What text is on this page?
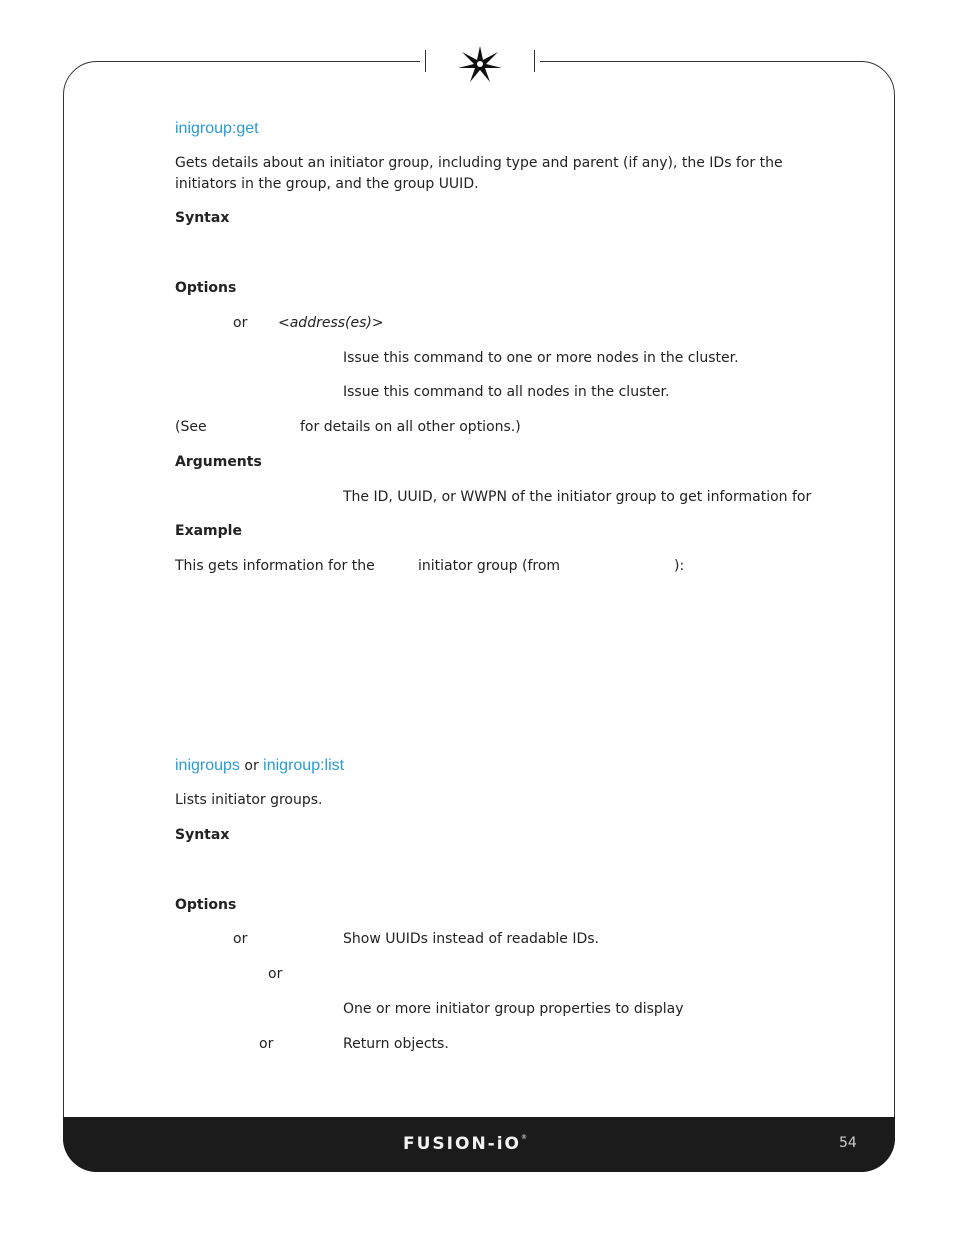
inigroup:get
Gets details about an initiator group, including type and parent (if any), the IDs for the initiators in the group, and the group UUID.
Syntax
Options
or <address(es)>
Issue this command to one or more nodes in the cluster.
Issue this command to all nodes in the cluster.
(See	for details on all other options.)
Arguments
The ID, UUID, or WWPN of the initiator group to get information for
Example
This gets information for the	initiator group (from	):
inigroups or inigroup:list
Lists initiator groups.
Syntax
Options
or	Show UUIDs instead of readable IDs.
or
One or more initiator group properties to display
or	Return objects.
FUSION-iO®	54
